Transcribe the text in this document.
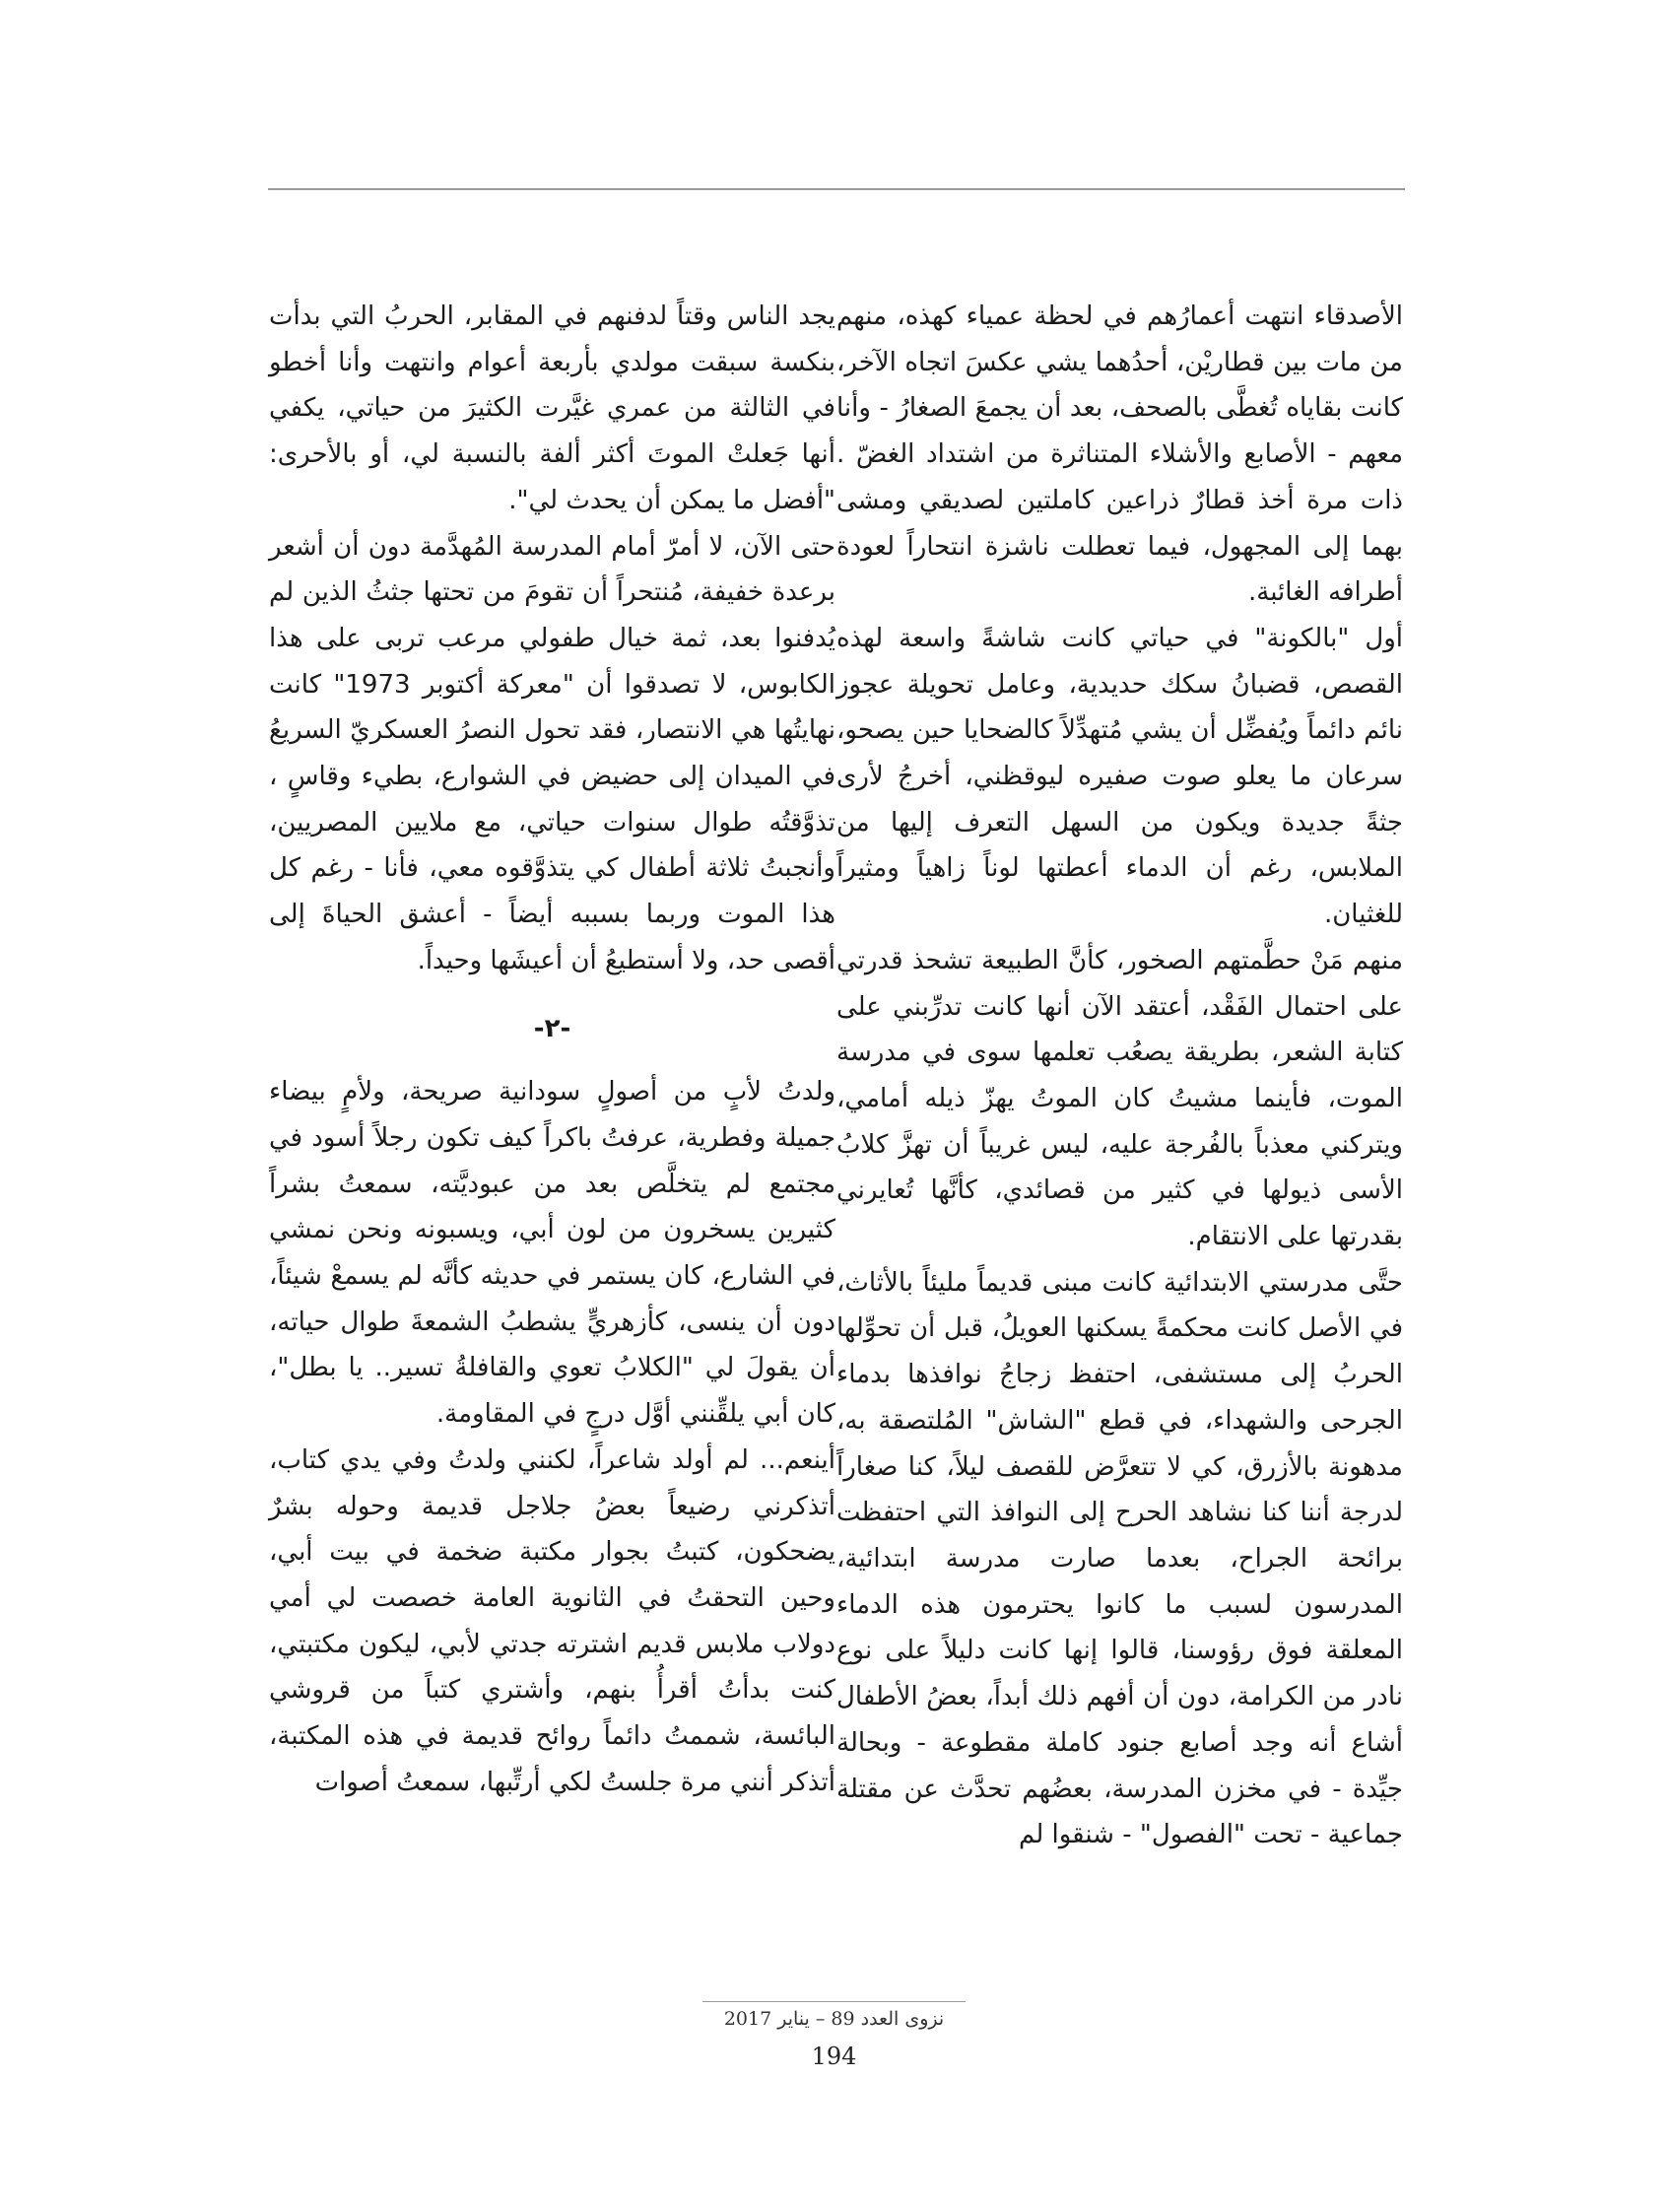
الأصدقاء انتهت أعمارُهم في لحظة عمياء كهذه، منهم من مات بين قطاريْن، أحدُهما يشي عكسَ اتجاه الآخر، كانت بقاياه تُغطَّى بالصحف، بعد أن يجمعَ الصغارُ - وأنا معهم - الأصابع والأشلاء المتناثرة من اشتداد الغضّ . ذات مرة أخذ قطارٌ ذراعين كاملتين لصديقي ومشى بهما إلى المجهول، فيما تعطلت ناشزة انتحاراً لعودة أطرافه الغائبة.

أول "بالكونة" في حياتي كانت شاشةً واسعة لهذه القصص، قضبانُ سكك حديدية، وعامل تحويلة عجوز نائم دائماً ويُفضِّل أن يشي مُتهدِّلاً كالضحايا حين يصحو، سرعان ما يعلو صوت صفيره ليوقظني، أخرجُ لأرى جثةً جديدة ويكون من السهل التعرف إليها من الملابس، رغم أن الدماء أعطتها لوناً زاهياً ومثيراً للغثيان.

منهم مَنْ حطَّمتهم الصخور، كأنَّ الطبيعة تشحذ قدرتي على احتمال الفَقْد، أعتقد الآن أنها كانت تدرِّبني على كتابة الشعر، بطريقة يصعُب تعلمها سوى في مدرسة الموت، فأينما مشيتُ كان الموتُ يهزّ ذيله أمامي، ويتركني معذباً بالفُرجة عليه، ليس غريباً أن تهزَّ كلابُ الأسى ذيولها في كثير من قصائدي، كأنَّها تُعايرني بقدرتها على الانتقام.

حتَّى مدرستي الابتدائية كانت مبنى قديماً مليئاً بالأثاث، في الأصل كانت محكمةً يسكنها العويلُ، قبل أن تحوِّلها الحربُ إلى مستشفى، احتفظ زجاجُ نوافذها بدماء الجرحى والشهداء، في قطع "الشاش" المُلتصقة به، مدهونة بالأزرق، كي لا تتعرَّض للقصف ليلاً، كنا صغاراً لدرجة أننا كنا نشاهد الحرح إلى النوافذ التي احتفظت برائحة الجراح، بعدما صارت مدرسة ابتدائية، المدرسون لسبب ما كانوا يحترمون هذه الدماء المعلقة فوق رؤوسنا، قالوا إنها كانت دليلاً على نوع نادر من الكرامة، دون أن أفهم ذلك أبداً، بعضُ الأطفال أشاع أنه وجد أصابع جنود كاملة مقطوعة - وبحالة جيِّدة - في مخزن المدرسة، بعضُهم تحدَّث عن مقتلة جماعية - تحت "الفصول" - شنقوا لم

يجد الناس وقتاً لدفنهم في المقابر، الحربُ التي بدأت بنكسة سبقت مولدي بأربعة أعوام وانتهت وأنا أخطو في الثالثة من عمري غيَّرت الكثيرَ من حياتي، يكفي أنها جَعلتْ الموتَ أكثر ألفة بالنسبة لي، أو بالأحرى: "أفضل ما يمكن أن يحدث لي".

حتى الآن، لا أمرّ أمام المدرسة المُهدَّمة دون أن أشعر برعدة خفيفة، مُنتحراً أن تقومَ من تحتها جثثُ الذين لم يُدفنوا بعد، ثمة خيال طفولي مرعب تربى على هذا الكابوس، لا تصدقوا أن "معركة أكتوبر 1973" كانت نهايتُها هي الانتصار، فقد تحول النصرُ العسكريّ السريعُ في الميدان إلى حضيض في الشوارع، بطيء وقاسٍ ، تذوَّقتُه طوال سنوات حياتي، مع ملايين المصريين، وأنجبتُ ثلاثة أطفال كي يتذوَّقوه معي، فأنا - رغم كل هذا الموت وربما بسببه أيضاً - أعشق الحياةَ إلى أقصى حد، ولا أستطيعُ أن أعيشَها وحيداً.

-٢-

ولدتُ لأبٍ من أصولٍ سودانية صريحة، ولأمٍ بيضاء جميلة وفطرية، عرفتُ باكراً كيف تكون رجلاً أسود في مجتمع لم يتخلَّص بعد من عبوديَّته، سمعتُ بشراً كثيرين يسخرون من لون أبي، ويسبونه ونحن نمشي في الشارع، كان يستمر في حديثه كأنَّه لم يسمعْ شيئاً، دون أن ينسى، كأزهريٍّ يشطبُ الشمعةَ طوال حياته، أن يقولَ لي "الكلابُ تعوي والقافلةُ تسير.. يا بطل"، كان أبي يلقِّنني أوَّل درجٍ في المقاومة.

أينعم... لم أولد شاعراً، لكنني ولدتُ وفي يدي كتاب، أتذكرني رضيعاً بعضُ جلاجل قديمة وحوله بشرٌ يضحكون، كتبتُ بجوار مكتبة ضخمة في بيت أبي، وحين التحقتُ في الثانوية العامة خصصت لي أمي دولاب ملابس قديم اشترته جدتي لأبي، ليكون مكتبتي، كنت بدأتُ أقرأُ بنهم، وأشتري كتباً من قروشي البائسة، شممتُ دائماً روائح قديمة في هذه المكتبة، أتذكر أنني مرة جلستُ لكي أرتِّبها، سمعتُ أصوات

نزوى العدد 89 – يناير 2017
194
